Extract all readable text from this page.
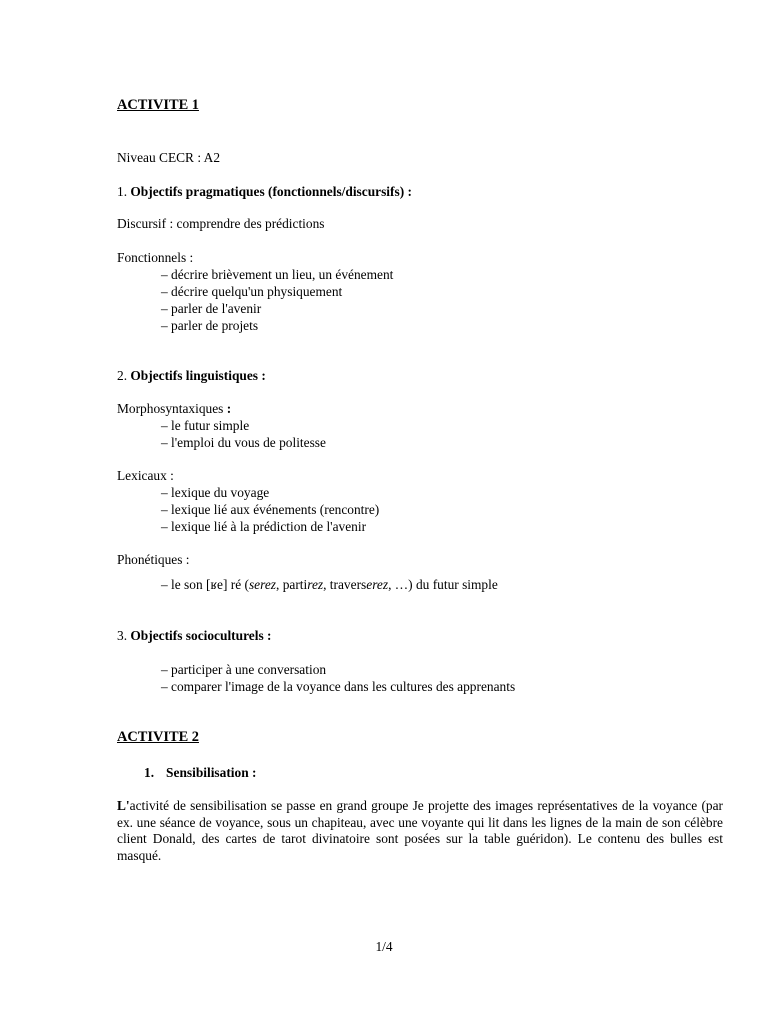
ACTIVITE 1
Niveau CECR : A2
1. Objectifs pragmatiques (fonctionnels/discursifs) :
Discursif : comprendre des prédictions
Fonctionnels :
– décrire brièvement un lieu, un événement
– décrire quelqu'un physiquement
– parler de l'avenir
– parler de projets
2. Objectifs linguistiques :
Morphosyntaxiques :
– le futur simple
– l'emploi du vous de politesse
Lexicaux :
– lexique du voyage
– lexique lié aux événements (rencontre)
– lexique lié à la prédiction de l'avenir
Phonétiques :
– le son [ʁe] ré (serez, partirez, traverserez, …) du futur simple
3. Objectifs socioculturels :
– participer à une conversation
– comparer l'image de la voyance dans les cultures des apprenants
ACTIVITE 2
1. Sensibilisation :
L'activité de sensibilisation se passe en grand groupe Je projette des images représentatives de la voyance (par ex. une séance de voyance, sous un chapiteau, avec une voyante qui lit dans les lignes de la main de son célèbre client Donald, des cartes de tarot divinatoire sont posées sur la table guéridon). Le contenu des bulles est masqué.
1/4
